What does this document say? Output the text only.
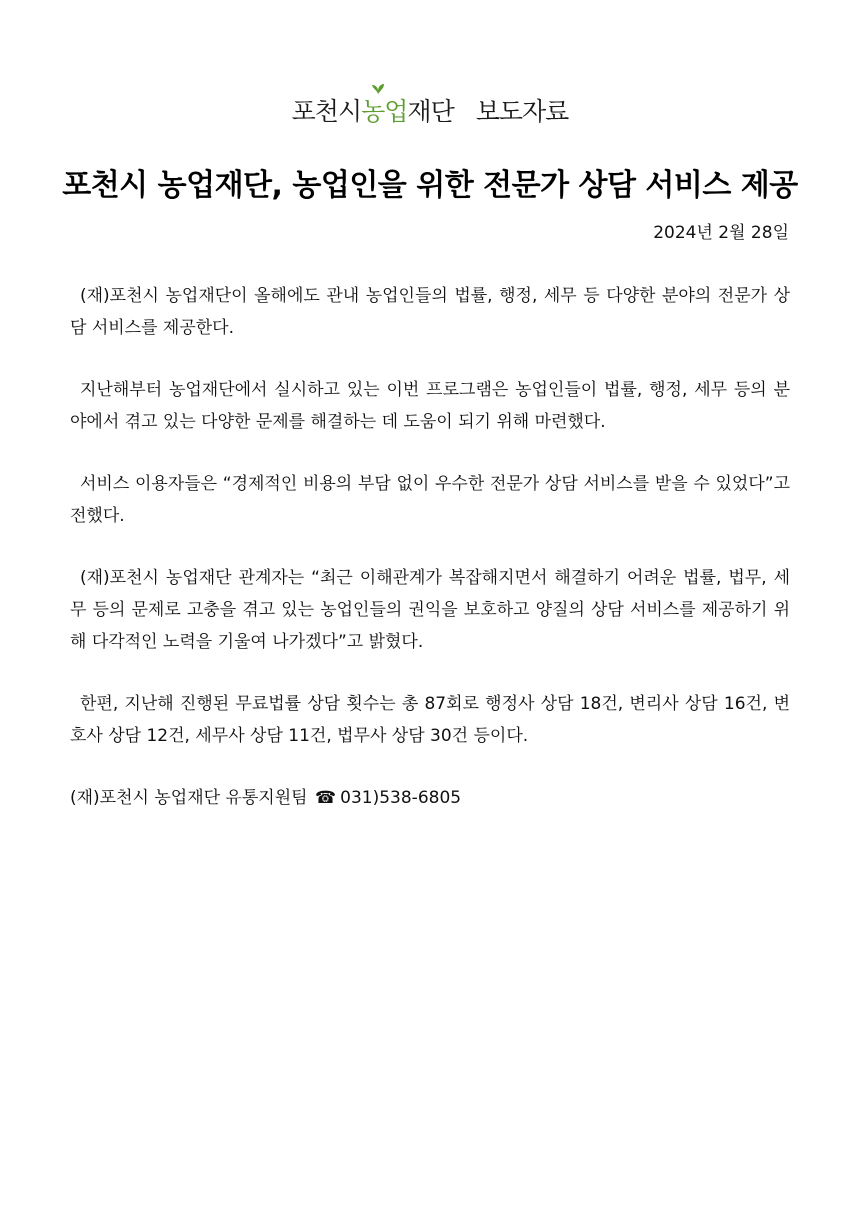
포천시
농업재단 보도자료
포천시 농업재단, 농업인을 위한 전문가 상담 서비스 제공
2024년 2월 28일

(재)포천시 농업재단이 올해에도 관내 농업인들의 법률, 행정, 세무 등 다양한 분야의 전문가 상담 서비스를 제공한다.

지난해부터 농업재단에서 실시하고 있는 이번 프로그램은 농업인들이 법률, 행정, 세무 등의 분야에서 겪고 있는 다양한 문제를 해결하는 데 도움이 되기 위해 마련했다.

서비스 이용자들은 “경제적인 비용의 부담 없이 우수한 전문가 상담 서비스를 받을 수 있었다”고 전했다.

(재)포천시 농업재단 관계자는 “최근 이해관계가 복잡해지면서 해결하기 어려운 법률, 법무, 세무 등의 문제로 고충을 겪고 있는 농업인들의 권익을 보호하고 양질의 상담 서비스를 제공하기 위해 다각적인 노력을 기울여 나가겠다”고 밝혔다.

한편, 지난해 진행된 무료법률 상담 횟수는 총 87회로 행정사 상담 18건, 변리사 상담 16건, 변호사 상담 12건, 세무사 상담 11건, 법무사 상담 30건 등이다.

(재)포천시 농업재단 유통지원팀 ☎ 031)538-6805
